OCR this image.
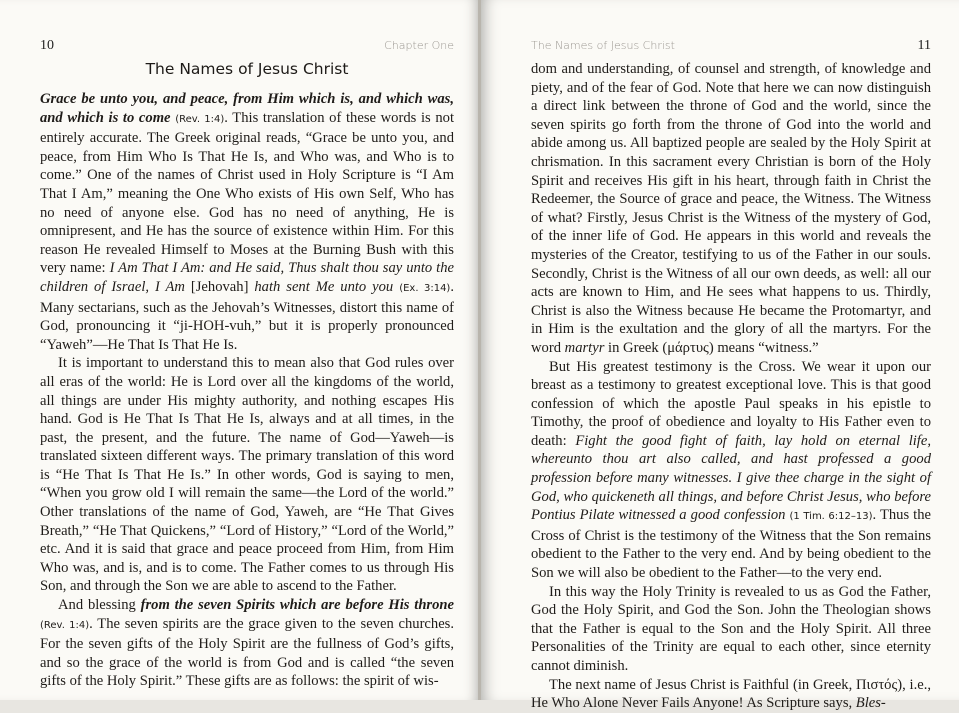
10	Chapter One
The Names of Jesus Christ

Grace be unto you, and peace, from Him which is, and which was, and which is to come (Rev. 1:4). This translation of these words is not entirely accurate. The Greek original reads, “Grace be unto you, and peace, from Him Who Is That He Is, and Who was, and Who is to come.” One of the names of Christ used in Holy Scripture is “I Am That I Am,” meaning the One Who exists of His own Self, Who has no need of anyone else. God has no need of anything, He is omnipresent, and He has the source of existence within Him. For this reason He revealed Himself to Moses at the Burning Bush with this very name: I Am That I Am: and He said, Thus shalt thou say unto the children of Israel, I Am [Jehovah] hath sent Me unto you (Ex. 3:14). Many sectarians, such as the Jehovah’s Witnesses, distort this name of God, pronouncing it “ji-HOH-vuh,” but it is properly pronounced “Yaweh”—He That Is That He Is.

It is important to understand this to mean also that God rules over all eras of the world: He is Lord over all the kingdoms of the world, all things are under His mighty authority, and nothing escapes His hand. God is He That Is That He Is, always and at all times, in the past, the present, and the future. The name of God—Yaweh—is translated sixteen different ways. The primary translation of this word is “He That Is That He Is.” In other words, God is saying to men, “When you grow old I will remain the same—the Lord of the world.” Other translations of the name of God, Yaweh, are “He That Gives Breath,” “He That Quickens,” “Lord of History,” “Lord of the World,” etc. And it is said that grace and peace proceed from Him, from Him Who was, and is, and is to come. The Father comes to us through His Son, and through the Son we are able to ascend to the Father.

And blessing from the seven Spirits which are before His throne (Rev. 1:4). The seven spirits are the grace given to the seven churches. For the seven gifts of the Holy Spirit are the fullness of God’s gifts, and so the grace of the world is from God and is called “the seven gifts of the Holy Spirit.” These gifts are as follows: the spirit of wis-

The Names of Jesus Christ	11

dom and understanding, of counsel and strength, of knowledge and piety, and of the fear of God. Note that here we can now distinguish a direct link between the throne of God and the world, since the seven spirits go forth from the throne of God into the world and abide among us. All baptized people are sealed by the Holy Spirit at chrismation. In this sacrament every Christian is born of the Holy Spirit and receives His gift in his heart, through faith in Christ the Redeemer, the Source of grace and peace, the Witness. The Witness of what? Firstly, Jesus Christ is the Witness of the mystery of God, of the inner life of God. He appears in this world and reveals the mysteries of the Creator, testifying to us of the Father in our souls. Secondly, Christ is the Witness of all our own deeds, as well: all our acts are known to Him, and He sees what happens to us. Thirdly, Christ is also the Witness because He became the Protomartyr, and in Him is the exultation and the glory of all the martyrs. For the word martyr in Greek (μάρτυς) means “witness.”

But His greatest testimony is the Cross. We wear it upon our breast as a testimony to greatest exceptional love. This is that good confession of which the apostle Paul speaks in his epistle to Timothy, the proof of obedience and loyalty to His Father even to death: Fight the good fight of faith, lay hold on eternal life, whereunto thou art also called, and hast professed a good profession before many witnesses. I give thee charge in the sight of God, who quickeneth all things, and before Christ Jesus, who before Pontius Pilate witnessed a good confession (1 Tim. 6:12–13). Thus the Cross of Christ is the testimony of the Witness that the Son remains obedient to the Father to the very end. And by being obedient to the Son we will also be obedient to the Father—to the very end.

In this way the Holy Trinity is revealed to us as God the Father, God the Holy Spirit, and God the Son. John the Theologian shows that the Father is equal to the Son and the Holy Spirit. All three Personalities of the Trinity are equal to each other, since eternity cannot diminish.

The next name of Jesus Christ is Faithful (in Greek, Πιστός), i.e., He Who Alone Never Fails Anyone! As Scripture says, Bles-
